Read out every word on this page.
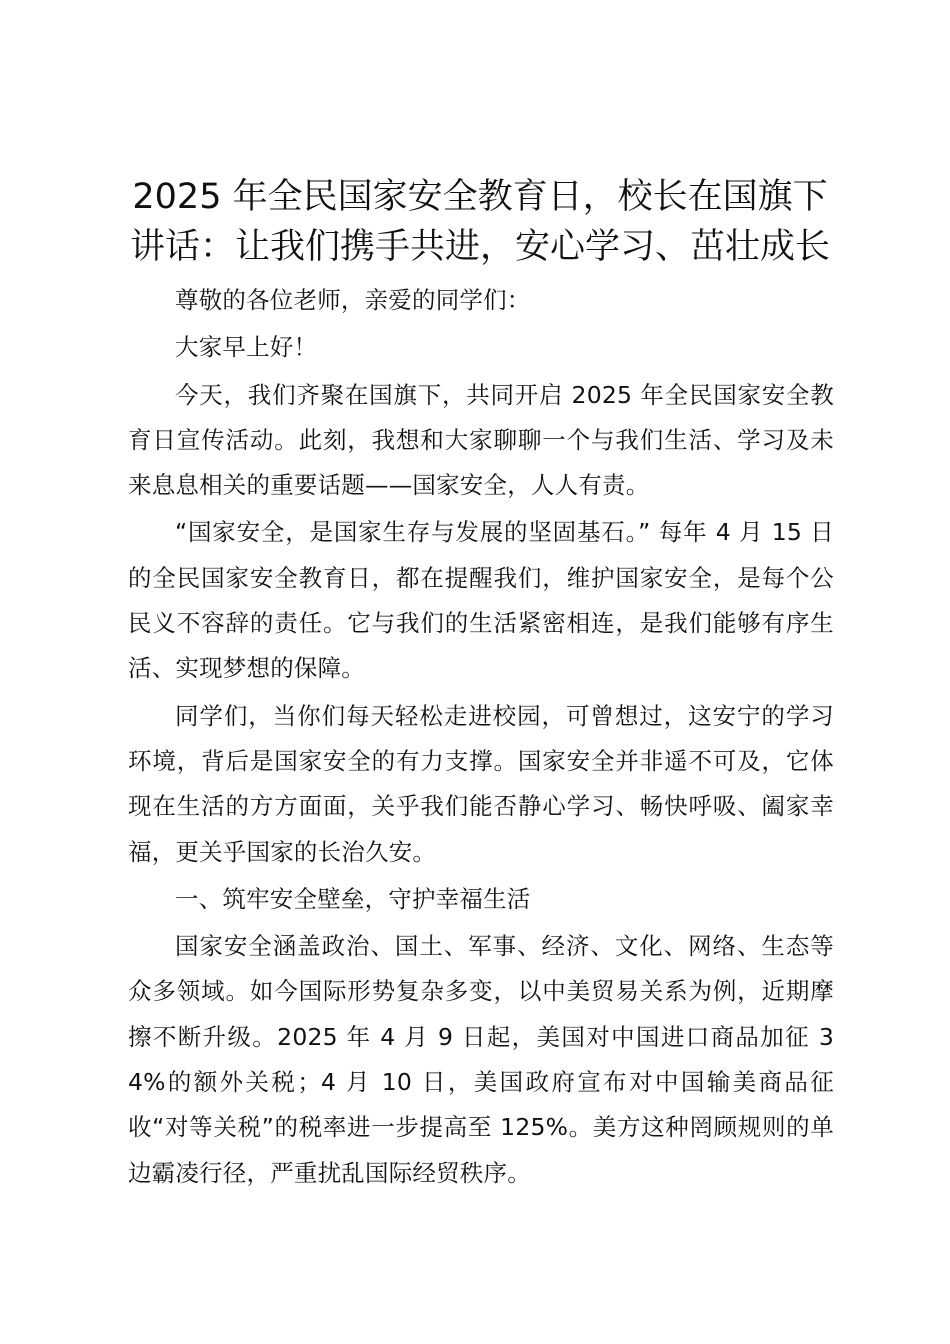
2025 年全民国家安全教育日，校长在国旗下
讲话：让我们携手共进，安心学习、茁壮成长

尊敬的各位老师，亲爱的同学们：

大家早上好！

今天，我们齐聚在国旗下，共同开启 2025 年全民国家安全教育日宣传活动。此刻，我想和大家聊聊一个与我们生活、学习及未来息息相关的重要话题——国家安全，人人有责。

“国家安全，是国家生存与发展的坚固基石。” 每年 4 月 15 日的全民国家安全教育日，都在提醒我们，维护国家安全，是每个公民义不容辞的责任。它与我们的生活紧密相连，是我们能够有序生活、实现梦想的保障。

同学们，当你们每天轻松走进校园，可曾想过，这安宁的学习环境，背后是国家安全的有力支撑。国家安全并非遥不可及，它体现在生活的方方面面，关乎我们能否静心学习、畅快呼吸、阖家幸福，更关乎国家的长治久安。

一、筑牢安全壁垒，守护幸福生活

国家安全涵盖政治、国土、军事、经济、文化、网络、生态等众多领域。如今国际形势复杂多变，以中美贸易关系为例，近期摩擦不断升级。2025 年 4 月 9 日起，美国对中国进口商品加征 34%的额外关税；4 月 10 日，美国政府宣布对中国输美商品征收“对等关税”的税率进一步提高至 125%。美方这种罔顾规则的单边霸凌行径，严重扰乱国际经贸秩序。
